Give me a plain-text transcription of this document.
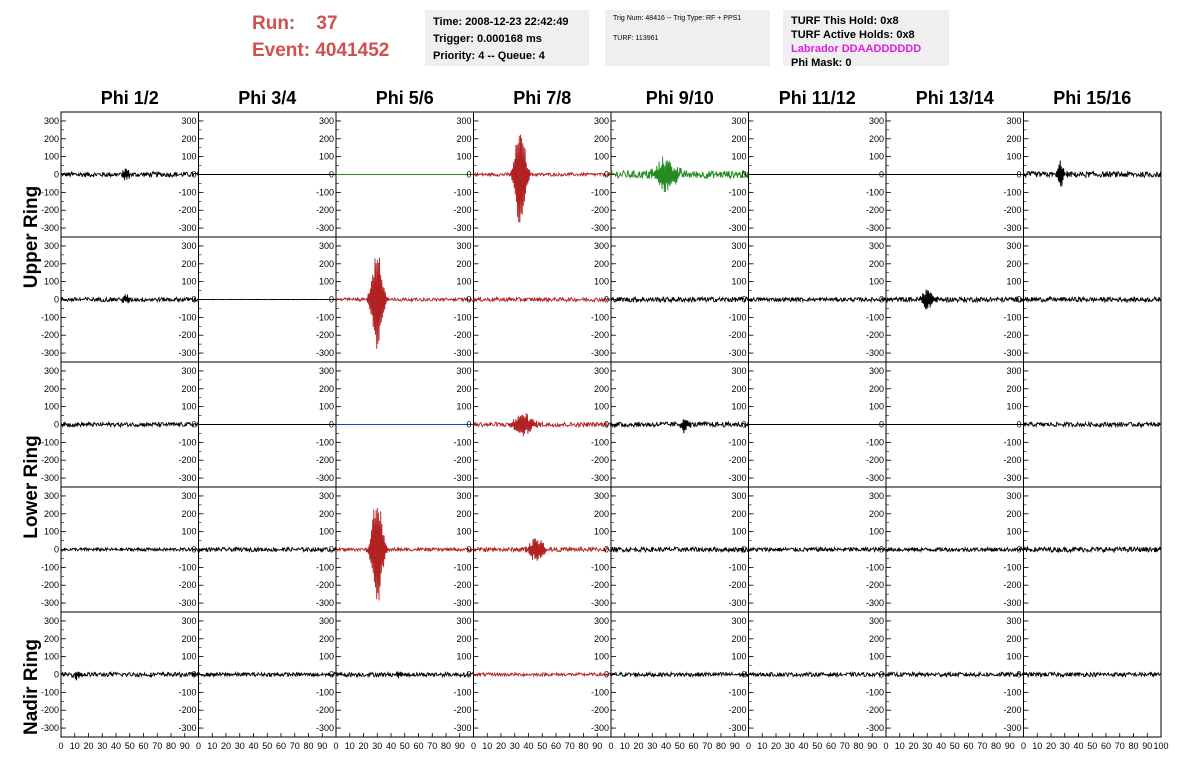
Run: 37
Event: 4041452
Time: 2008-12-23 22:42:49
Trigger: 0.000168 ms
Priority: 4 -- Queue: 4
Trig Num: 48416 -- Trig Type: RF + PPS1
TURF: 113961
TURF This Hold: 0x8
TURF Active Holds: 0x8
Labrador DDAADDDDDD
Phi Mask: 0
Phi 1/2	Phi 3/4	Phi 5/6	Phi 7/8	Phi 9/10	Phi 11/12	Phi 13/14	Phi 15/16
Upper Ring
Lower Ring
Nadir Ring
300
200
100
0
-100
-200
-300
300
200
100
0
-100
-200
-300
300
200
100
0
-100
-200
-300
300
200
100
0
-100
-200
-300
300
200
100
0
-100
-200
-300
300
200
100
0
-100
-200
-300
300
200
100
0
-100
-200
-300
300
200
100
0
-100
-200
-300
300
200
100
0
-100
-200
-300
300
200
100
0
-100
-200
-300
300
200
100
0
-100
-200
-300
300
200
100
0
-100
-200
-300
300
200
100
0
-100
-200
-300
300
200
100
0
-100
-200
-300
300
200
100
0
-100
-200
-300
300
200
100
0
-100
-200
-300
300
200
100
0
-100
-200
-300
300
200
100
0
-100
-200
-300
300
200
100
0
-100
-200
-300
300
200
100
0
-100
-200
-300
300
200
100
0
-100
-200
-300
300
200
100
0
-100
-200
-300
300
200
100
0
-100
-200
-300
300
200
100
0
-100
-200
-300
300
200
100
0
-100
-200
-300
300
200
100
0
-100
-200
-300
300
200
100
0
-100
-200
-300
300
200
100
0
-100
-200
-300
300
200
100
0
-100
-200
-300
300
200
100
0
-100
-200
-300
300
200
100
0
-100
-200
-300
300
200
100
0
-100
-200
-300
300
200
100
0
-100
-200
-300
300
200
100
0
-100
-200
-300
300
200
100
0
-100
-200
-300
300
200
100
0
-100
-200
-300
300
200
100
0
-100
-200
-300
300
200
100
0
-100
-200
-300
300
200
100
0
-100
-200
-300
300
200
100
0
-100
-200
-300
0 10 20 30 40 50 60 70 80 90 0 10 20 30 40 50 60 70 80 90 0 10 20 30 40 50 60 70 80 90 0 10 20 30 40 50 60 70 80 90 0 10 20 30 40 50 60 70 80 90 0 10 20 30 40 50 60 70 80 90 0 10 20 30 40 50 60 70 80 90 0 10 20 30 40 50 60 70 80 90 100
